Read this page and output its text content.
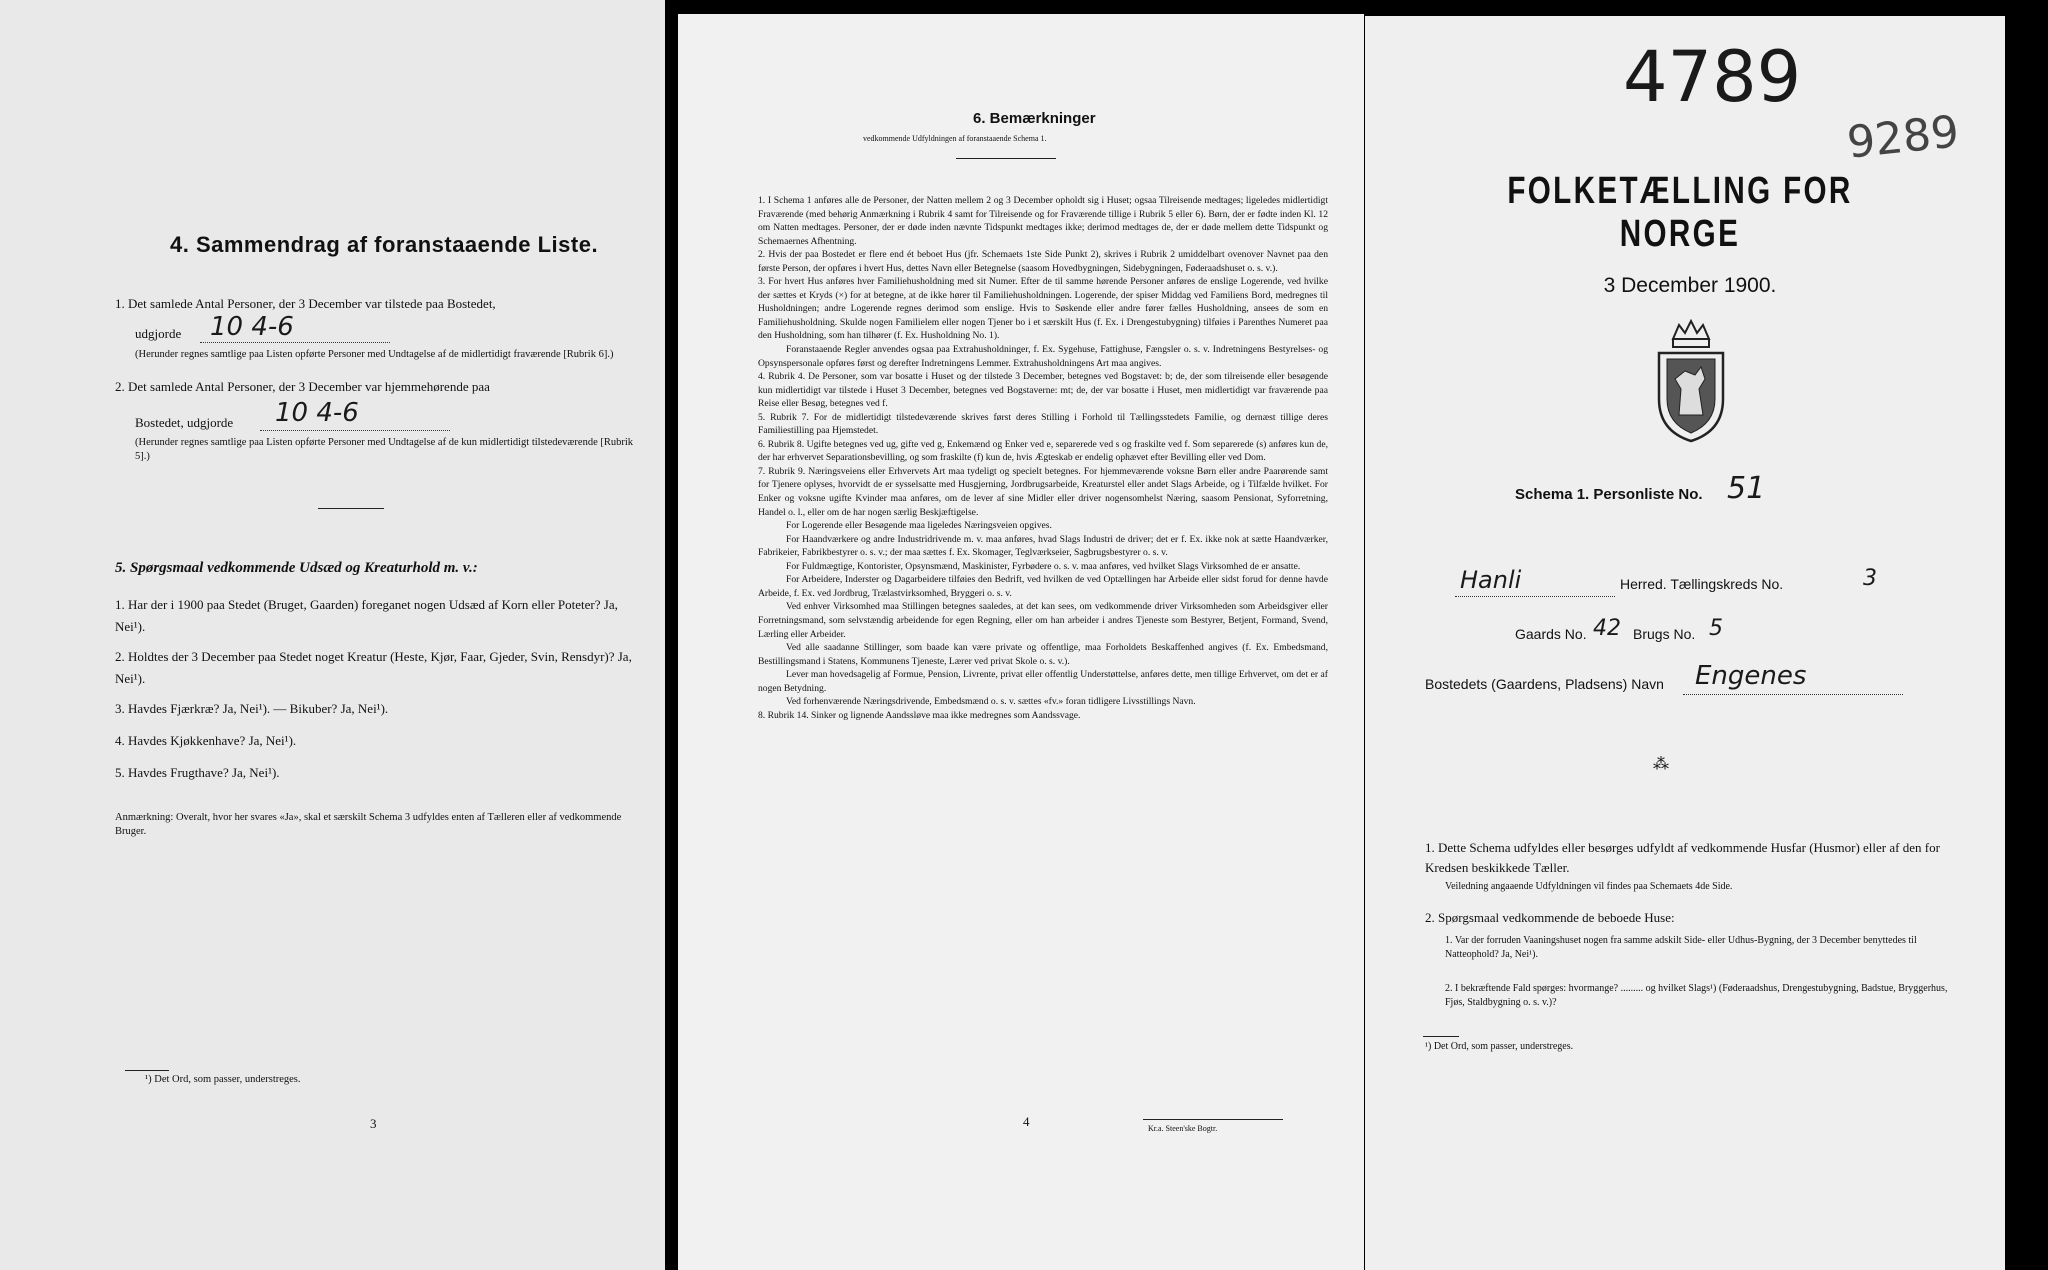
4. Sammendrag af foranstaaende Liste.
1. Det samlede Antal Personer, der 3 December var tilstede paa Bostedet,
udgjorde 10 4-6
(Herunder regnes samtlige paa Listen opførte Personer med Undtagelse af de midlertidigt fraværende [Rubrik 6].)
2. Det samlede Antal Personer, der 3 December var hjemmehørende paa
Bostedet, udgjorde 10 4-6
(Herunder regnes samtlige paa Listen opførte Personer med Undtagelse af de kun midlertidigt tilstedeværende [Rubrik 5].)
5. Spørgsmaal vedkommende Udsæd og Kreaturhold m. v.:
1. Har der i 1900 paa Stedet (Bruget, Gaarden) foreganet nogen Udsæd af Korn eller Poteter? Ja, Nei¹).
2. Holdtes der 3 December paa Stedet noget Kreatur (Heste, Kjør, Faar, Gjeder, Svin, Rensdyr)? Ja, Nei¹).
3. Havdes Fjærkræ? Ja, Nei¹). — Bikuber? Ja, Nei¹).
4. Havdes Kjøkkenhave? Ja, Nei¹).
5. Havdes Frugthave? Ja, Nei¹).
Anmærkning: Overalt, hvor her svares «Ja», skal et særskilt Schema 3 udfyldes enten af Tælleren eller af vedkommende Bruger.
¹) Det Ord, som passer, understreges.
3
6. Bemærkninger
vedkommende Udfyldningen af foranstaaende Schema 1.

1. I Schema 1 anføres alle de Personer, der Natten mellem 2 og 3 December opholdt sig i Huset; ogsaa Tilreisende medtages; ligeledes midlertidigt Fraværende (med behørig Anmærkning i Rubrik 4 samt for Tilreisende og for Fraværende tillige i Rubrik 5 eller 6). Børn, der er fødte inden Kl. 12 om Natten medtages. Personer, der er døde inden nævnte Tidspunkt medtages ikke; derimod medtages de, der er døde mellem dette Tidspunkt og Schemaernes Afhentning.

2. Hvis der paa Bostedet er flere end ét beboet Hus (jfr. Schemaets 1ste Side Punkt 2), skrives i Rubrik 2 umiddelbart ovenover Navnet paa den første Person, der opføres i hvert Hus, dettes Navn eller Betegnelse (saasom Hovedbygningen, Sidebygningen, Føderaadshuset o. s. v.).

3. For hvert Hus anføres hver Familiehusholdning med sit Numer. Efter de til samme hørende Personer anføres de enslige Logerende, ved hvilke der sættes et Kryds (×) for at betegne, at de ikke hører til Familiehusholdningen. Logerende, der spiser Middag ved Familiens Bord, medregnes til Husholdningen; andre Logerende regnes derimod som enslige. Hvis to Søskende eller andre fører fælles Husholdning, ansees de som en Familiehusholdning. Skulde nogen Familielem eller nogen Tjener bo i et særskilt Hus (f. Ex. i Drengestubygning) tilføies i Parenthes Numeret paa den Husholdning, som han tilhører (f. Ex. Husholdning No. 1).

Foranstaaende Regler anvendes ogsaa paa Extrahusholdninger, f. Ex. Sygehuse, Fattighuse, Fængsler o. s. v. Indretningens Bestyrelses- og Opsynspersonale opføres først og derefter Indretningens Lemmer. Extrahusholdningens Art maa angives.

4. Rubrik 4. De Personer, som var bosatte i Huset og der tilstede 3 December, betegnes ved Bogstavet: b; de, der som tilreisende eller besøgende kun midlertidigt var tilstede i Huset 3 December, betegnes ved Bogstaverne: mt; de, der var bosatte i Huset, men midlertidigt var fraværende paa Reise eller Besøg, betegnes ved f.

5. Rubrik 7. For de midlertidigt tilstedeværende skrives først deres Stilling i Forhold til Tællingsstedets Familie, og dernæst tillige deres Familiestilling paa Hjemstedet.

6. Rubrik 8. Ugifte betegnes ved ug, gifte ved g, Enkemænd og Enker ved e, separerede ved s og fraskilte ved f. Som separerede (s) anføres kun de, der har erhvervet Separationsbevilling, og som fraskilte (f) kun de, hvis Ægteskab er endelig ophævet efter Bevilling eller ved Dom.

7. Rubrik 9. Næringsveiens eller Erhvervets Art maa tydeligt og specielt betegnes. For hjemmeværende voksne Børn eller andre Paarørende samt for Tjenere oplyses, hvorvidt de er sysselsatte med Husgjerning, Jordbrugsarbeide, Kreaturstel eller andet Slags Arbeide, og i Tilfælde hvilket. For Enker og voksne ugifte Kvinder maa anføres, om de lever af sine Midler eller driver nogensomhelst Næring, saasom Pensionat, Syforretning, Handel o. l., eller om de har nogen særlig Beskjæftigelse.

For Logerende eller Besøgende maa ligeledes Næringsveien opgives.

For Haandværkere og andre Industridrivende m. v. maa anføres, hvad Slags Industri de driver; det er f. Ex. ikke nok at sætte Haandværker, Fabrikeier, Fabrikbestyrer o. s. v.; der maa sættes f. Ex. Skomager, Teglværkseier, Sagbrugsbestyrer o. s. v.

For Fuldmægtige, Kontorister, Opsynsmænd, Maskinister, Fyrbødere o. s. v. maa anføres, ved hvilket Slags Virksomhed de er ansatte.

For Arbeidere, Inderster og Dagarbeidere tilføies den Bedrift, ved hvilken de ved Optællingen har Arbeide eller sidst forud for denne havde Arbeide, f. Ex. ved Jordbrug, Trælastvirksomhed, Bryggeri o. s. v.

Ved enhver Virksomhed maa Stillingen betegnes saaledes, at det kan sees, om vedkommende driver Virksomheden som Arbeidsgiver eller Forretningsmand, som selvstændig arbeidende for egen Regning, eller om han arbeider i andres Tjeneste som Bestyrer, Betjent, Formand, Svend, Lærling eller Arbeider.

Ved alle saadanne Stillinger, som baade kan være private og offentlige, maa Forholdets Beskaffenhed angives (f. Ex. Embedsmand, Bestillingsmand i Statens, Kommunens Tjeneste, Lærer ved privat Skole o. s. v.).

Lever man hovedsagelig af Formue, Pension, Livrente, privat eller offentlig Understøttelse, anføres dette, men tillige Erhvervet, om det er af nogen Betydning.

Ved forhenværende Næringsdrivende, Embedsmænd o. s. v. sættes «fv.» foran tidligere Livsstillings Navn.

8. Rubrik 14. Sinker og lignende Aandssløve maa ikke medregnes som Aandssvage.

4	Kr.a. Steen'ske Bogtr.
4789
9289
FOLKETÆLLING FOR NORGE
3 December 1900.
Schema 1. Personliste No. 51
Hanli	Herred. Tællingskreds No.	3
Gaards No. 42 Brugs No. 5
Bostedets (Gaardens, Pladsens) Navn Engenes
⁂
1. Dette Schema udfyldes eller besørges udfyldt af vedkommende Husfar (Husmor) eller af den for Kredsen beskikkede Tæller.
Veiledning angaaende Udfyldningen vil findes paa Schemaets 4de Side.
2. Spørgsmaal vedkommende de beboede Huse:
1. Var der forruden Vaaningshuset nogen fra samme adskilt Side- eller Udhus-Bygning, der 3 December benyttedes til Natteophold? Ja, Nei¹).
2. I bekræftende Fald spørges: hvormange? ......... og hvilket Slags¹) (Føderaadshus, Drengestubygning, Badstue, Bryggerhus, Fjøs, Staldbygning o. s. v.)?
¹) Det Ord, som passer, understreges.
